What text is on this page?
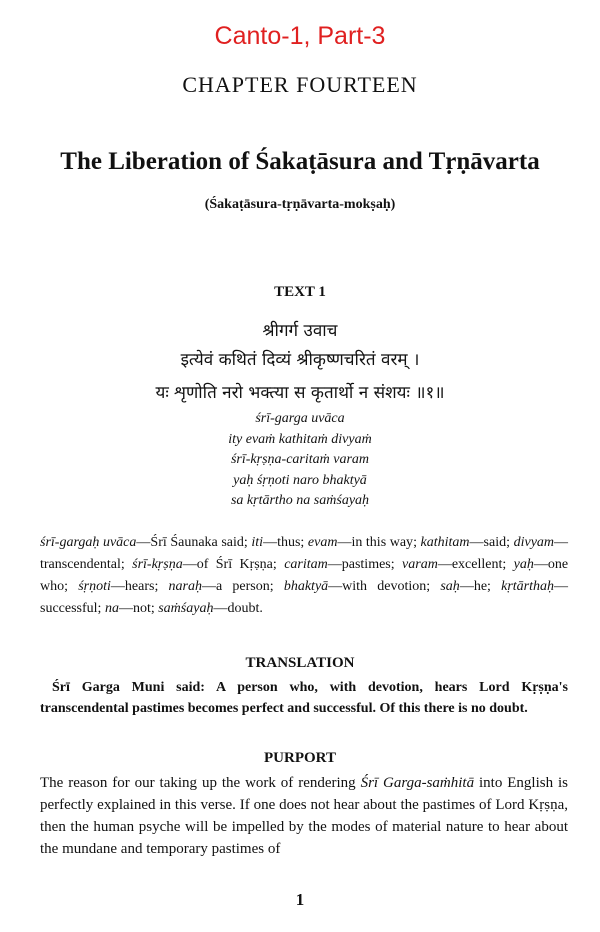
Canto-1, Part-3
CHAPTER FOURTEEN
The Liberation of Śakaṭāsura and Tṛṇāvarta
(Śakaṭāsura-tṛṇāvarta-mokṣaḥ)
TEXT 1
श्रीगर्ग उवाच
इत्येवं कथितं दिव्यं श्रीकृष्णचरितं वरम् ।
यः शृणोति नरो भक्त्या स कृतार्थो न संशयः ॥१॥
śrī-garga uvāca
ity evaṁ kathitaṁ divyaṁ
śrī-kṛṣṇa-caritaṁ varam
yaḥ śṛṇoti naro bhaktyā
sa kṛtārtho na saṁśayaḥ
śrī-gargaḥ uvāca—Śrī Śaunaka said; iti—thus; evam—in this way; kathitam—said; divyam—transcendental; śrī-kṛṣṇa—of Śrī Kṛṣṇa; caritam—pastimes; varam—excellent; yaḥ—one who; śṛṇoti—hears; naraḥ—a person; bhaktyā—with devotion; saḥ—he; kṛtārthaḥ—successful; na—not; saṁśayaḥ—doubt.
TRANSLATION
Śrī Garga Muni said: A person who, with devotion, hears Lord Kṛṣṇa's transcendental pastimes becomes perfect and successful. Of this there is no doubt.
PURPORT
The reason for our taking up the work of rendering Śrī Garga-saṁhitā into English is perfectly explained in this verse. If one does not hear about the pastimes of Lord Kṛṣṇa, then the human psyche will be impelled by the modes of material nature to hear about the mundane and temporary pastimes of
1
